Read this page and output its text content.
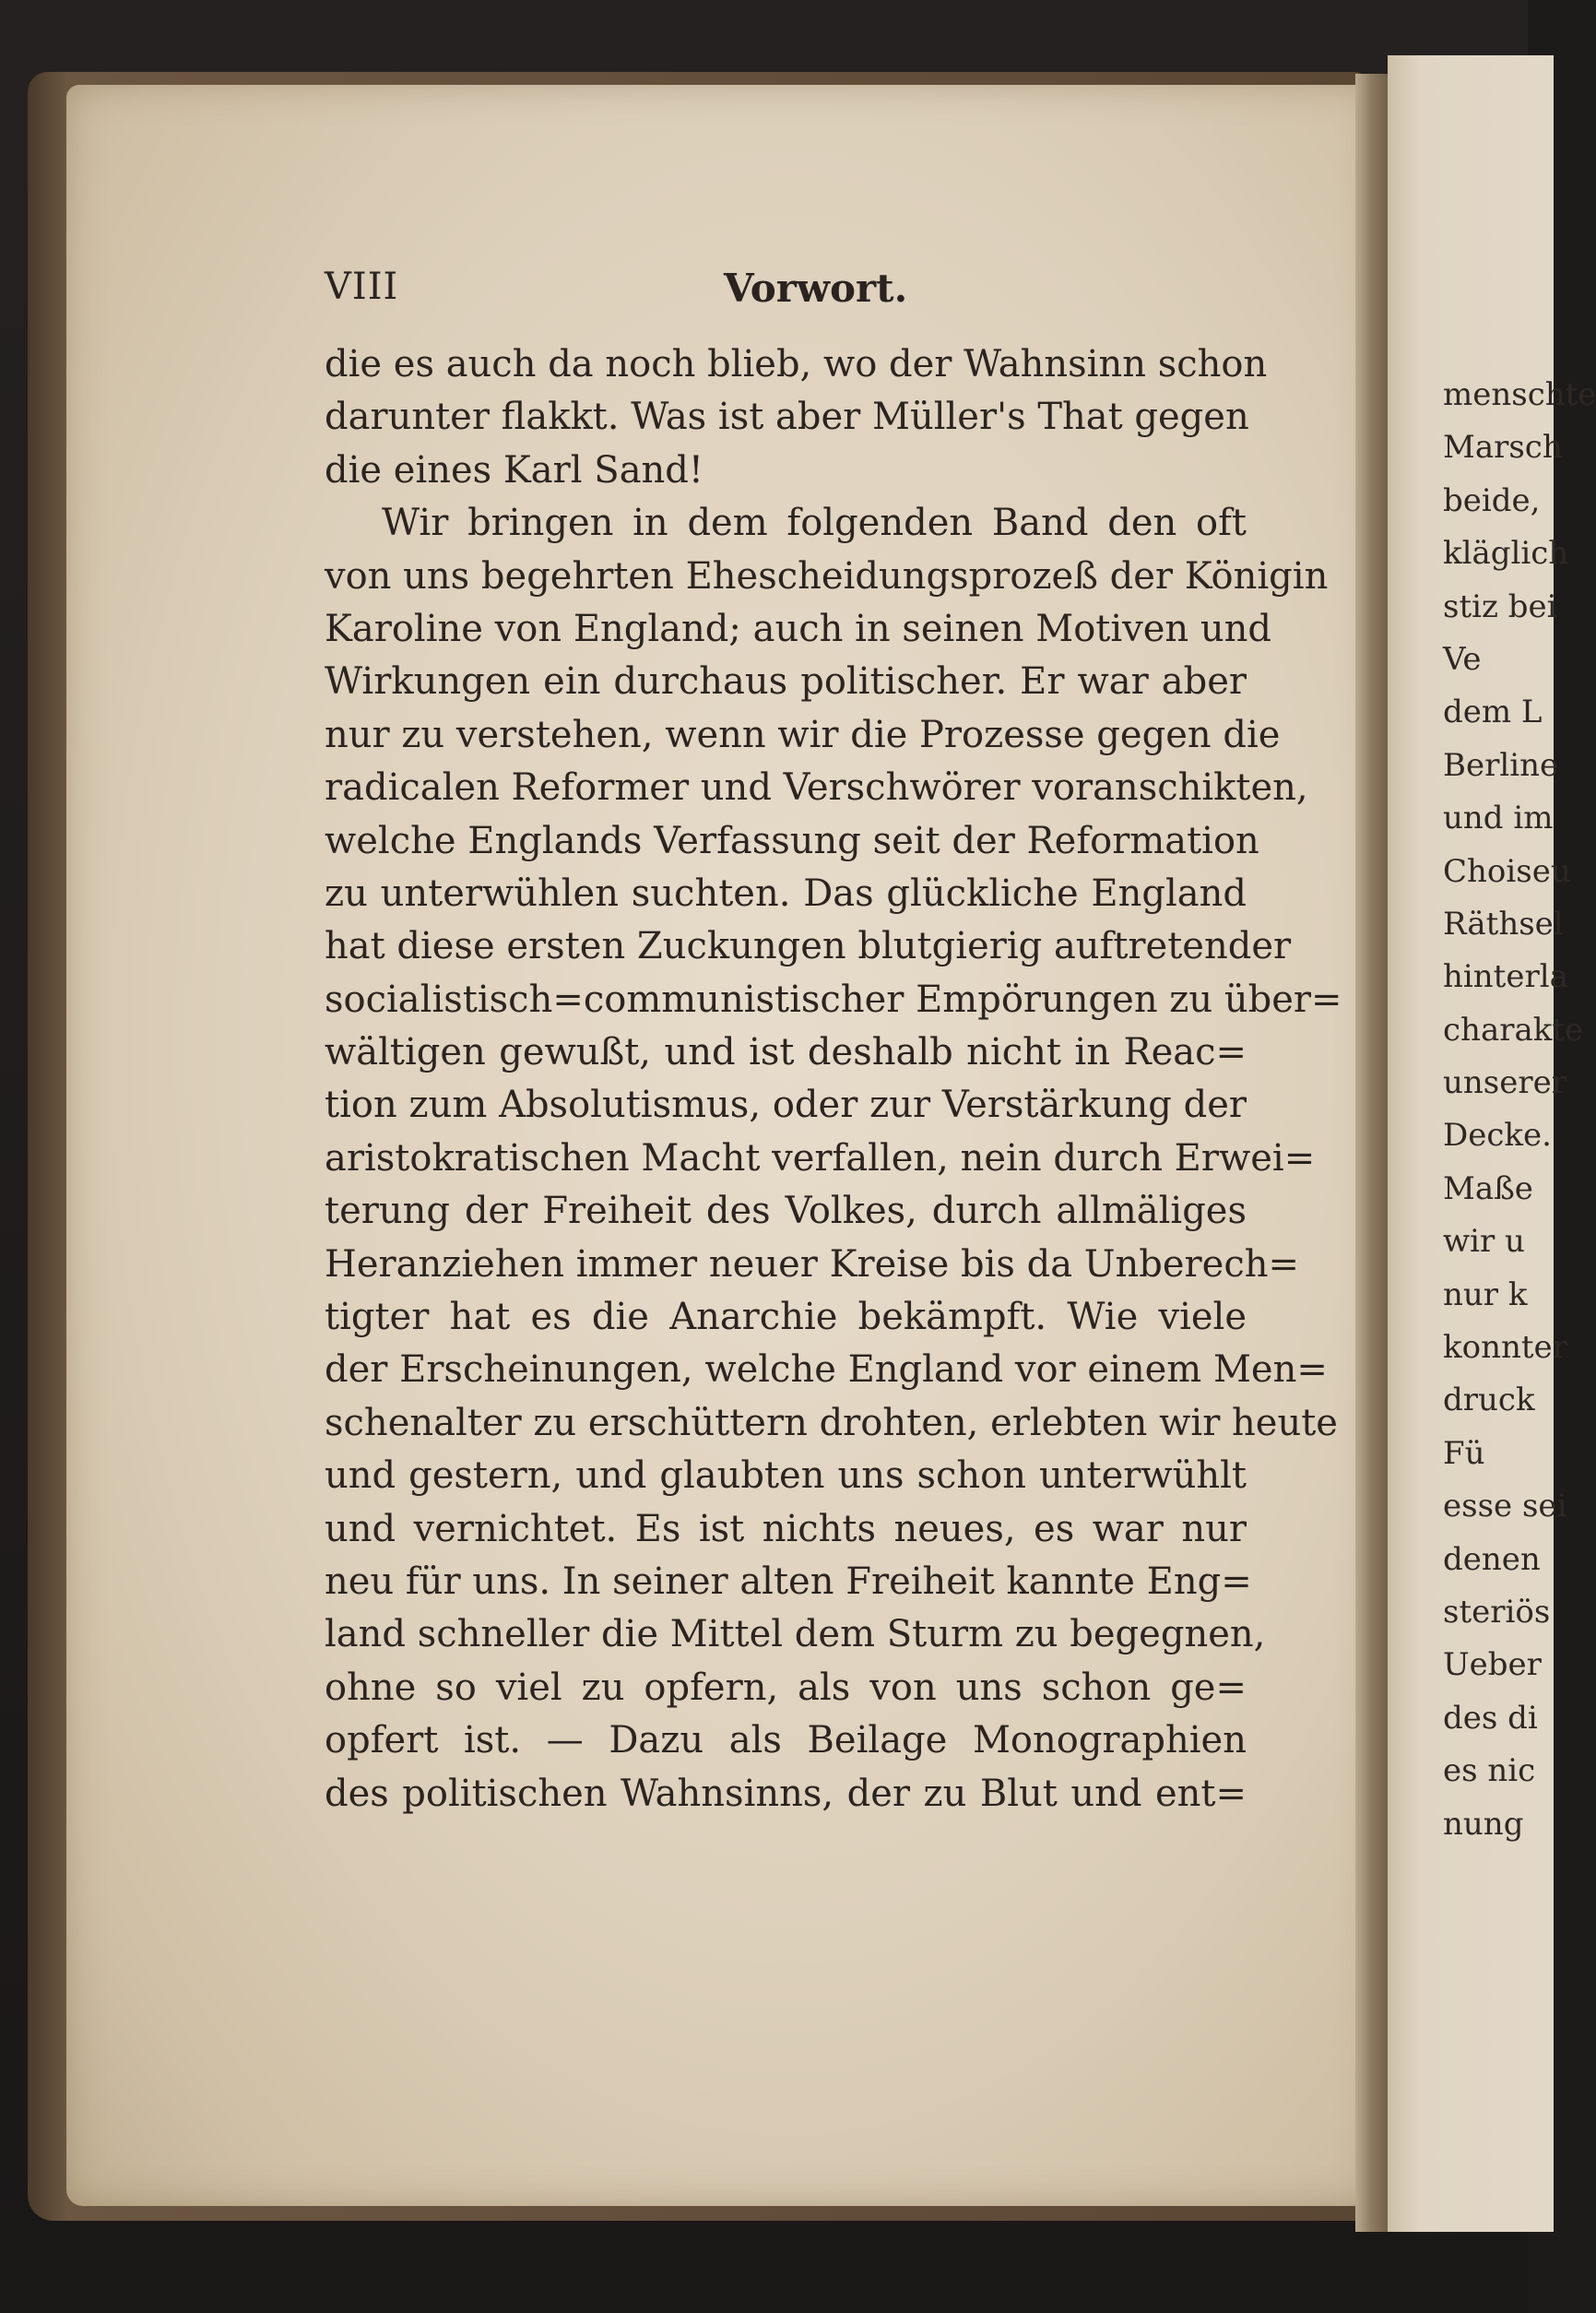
VIII	Vorwort.
die es auch da noch blieb, wo der Wahnsinn schon
darunter flakkt. Was ist aber Müller's That gegen
die eines Karl Sand!
Wir bringen in dem folgenden Band den oft
von uns begehrten Ehescheidungsprozeß der Königin
Karoline von England; auch in seinen Motiven und
Wirkungen ein durchaus politischer. Er war aber
nur zu verstehen, wenn wir die Prozesse gegen die
radicalen Reformer und Verschwörer voranschikten,
welche Englands Verfassung seit der Reformation
zu unterwühlen suchten. Das glückliche England
hat diese ersten Zuckungen blutgierig auftretender
socialistisch=communistischer Empörungen zu über=
wältigen gewußt, und ist deshalb nicht in Reac=
tion zum Absolutismus, oder zur Verstärkung der
aristokratischen Macht verfallen, nein durch Erwei=
terung der Freiheit des Volkes, durch allmäliges
Heranziehen immer neuer Kreise bis da Unberech=
tigter hat es die Anarchie bekämpft. Wie viele
der Erscheinungen, welche England vor einem Men=
schenalter zu erschüttern drohten, erlebten wir heute
und gestern, und glaubten uns schon unterwühlt
und vernichtet. Es ist nichts neues, es war nur
neu für uns. In seiner alten Freiheit kannte Eng=
land schneller die Mittel dem Sturm zu begegnen,
ohne so viel zu opfern, als von uns schon ge=
opfert ist. — Dazu als Beilage Monographien
des politischen Wahnsinns, der zu Blut und ent=
menschte
Marsch
beide,
kläglich
stiz bei
Ve
dem L
Berline
und im
Choiseu
Räthsel
hinterla
charakte
unserer
Decke.
Maße
wir u
nur k
konnter
druck
Fü
esse sei
denen
steriös
Ueber
des di
es nic
nung
